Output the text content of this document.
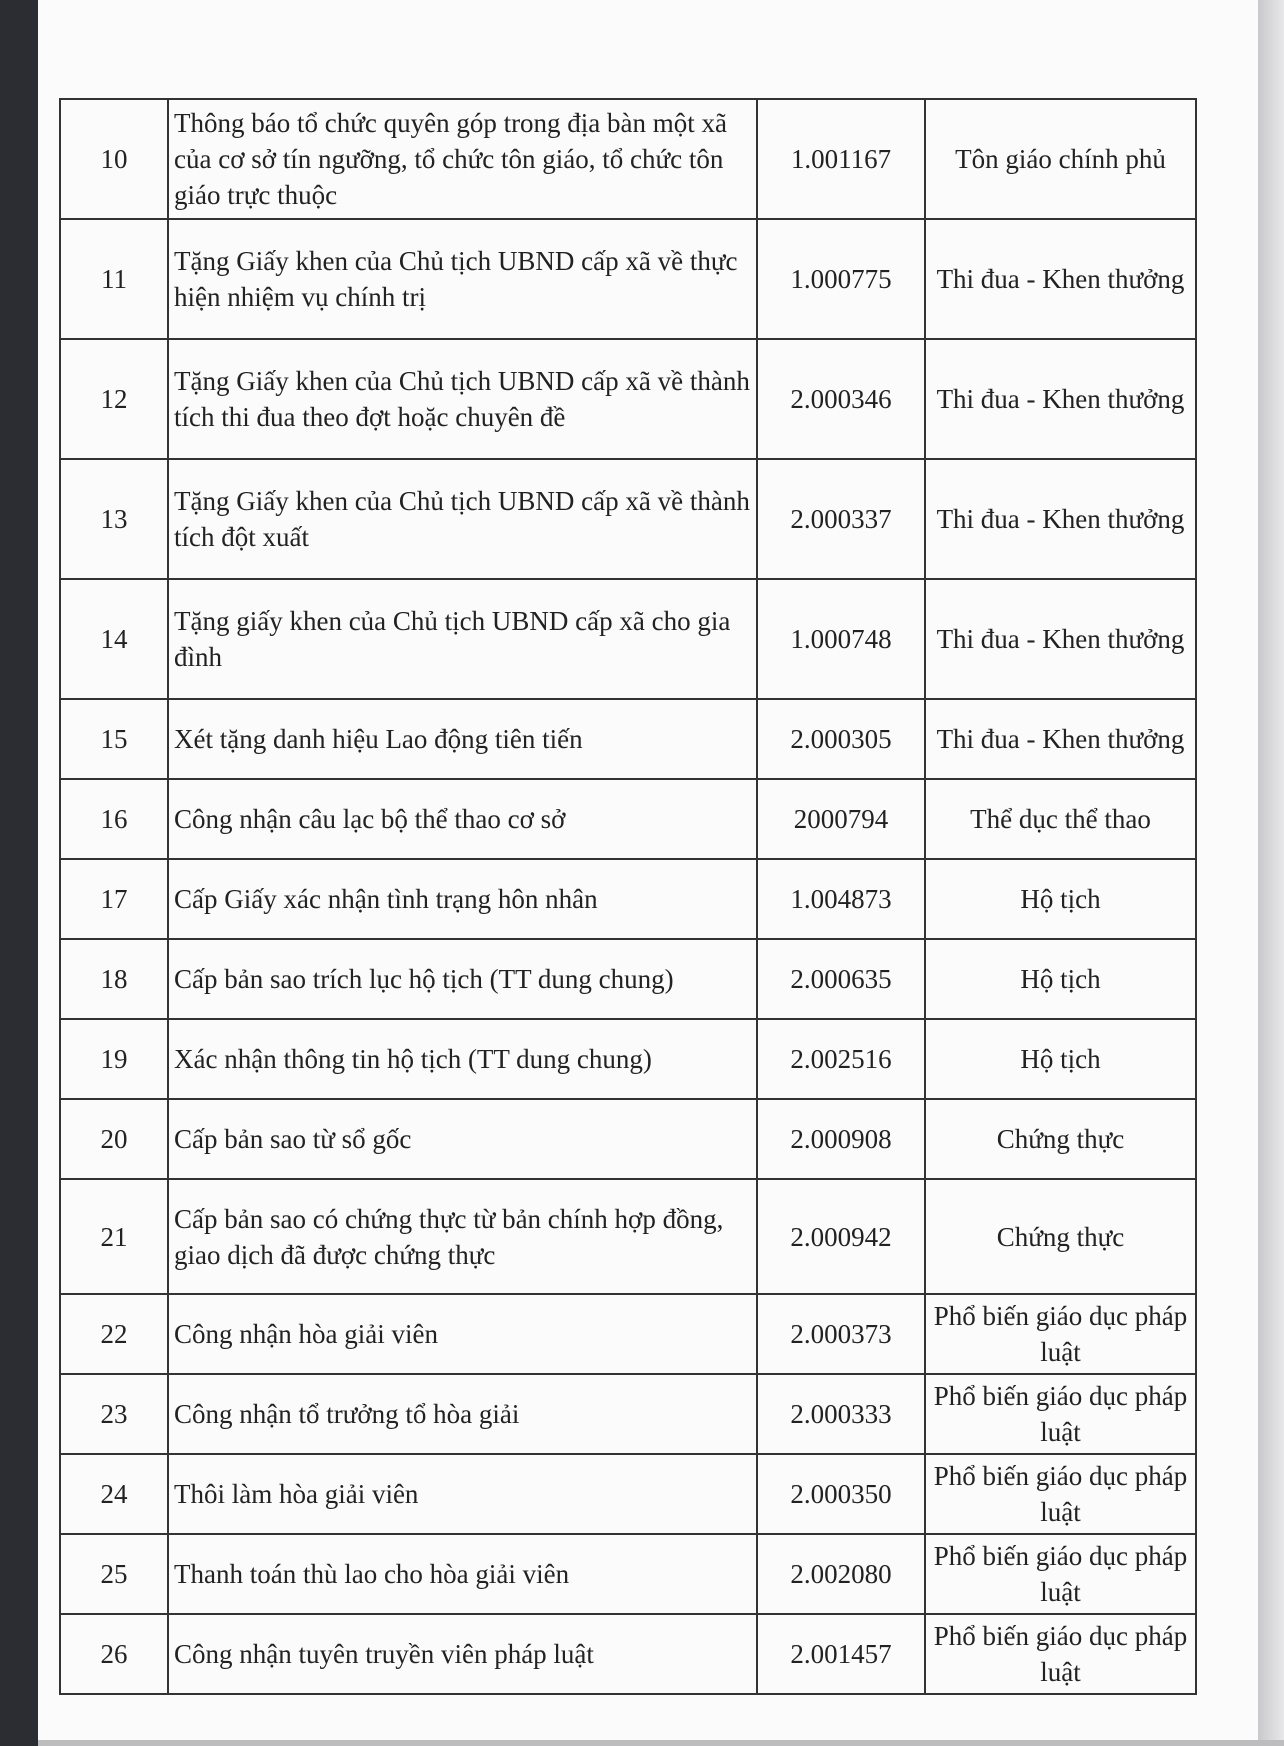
10	Thông báo tổ chức quyên góp trong địa bàn một xã của cơ sở tín ngưỡng, tổ chức tôn giáo, tổ chức tôn giáo trực thuộc	1.001167	Tôn giáo chính phủ
11	Tặng Giấy khen của Chủ tịch UBND cấp xã về thực hiện nhiệm vụ chính trị	1.000775	Thi đua - Khen thưởng
12	Tặng Giấy khen của Chủ tịch UBND cấp xã về thành tích thi đua theo đợt hoặc chuyên đề	2.000346	Thi đua - Khen thưởng
13	Tặng Giấy khen của Chủ tịch UBND cấp xã về thành tích đột xuất	2.000337	Thi đua - Khen thưởng
14	Tặng giấy khen của Chủ tịch UBND cấp xã cho gia đình	1.000748	Thi đua - Khen thưởng
15	Xét tặng danh hiệu Lao động tiên tiến	2.000305	Thi đua - Khen thưởng
16	Công nhận câu lạc bộ thể thao cơ sở	2000794	Thể dục thể thao
17	Cấp Giấy xác nhận tình trạng hôn nhân	1.004873	Hộ tịch
18	Cấp bản sao trích lục hộ tịch (TT dung chung)	2.000635	Hộ tịch
19	Xác nhận thông tin hộ tịch (TT dung chung)	2.002516	Hộ tịch
20	Cấp bản sao từ sổ gốc	2.000908	Chứng thực
21	Cấp bản sao có chứng thực từ bản chính hợp đồng, giao dịch đã được chứng thực	2.000942	Chứng thực
22	Công nhận hòa giải viên	2.000373	Phổ biến giáo dục pháp luật
23	Công nhận tổ trưởng tổ hòa giải	2.000333	Phổ biến giáo dục pháp luật
24	Thôi làm hòa giải viên	2.000350	Phổ biến giáo dục pháp luật
25	Thanh toán thù lao cho hòa giải viên	2.002080	Phổ biến giáo dục pháp luật
26	Công nhận tuyên truyền viên pháp luật	2.001457	Phổ biến giáo dục pháp luật
